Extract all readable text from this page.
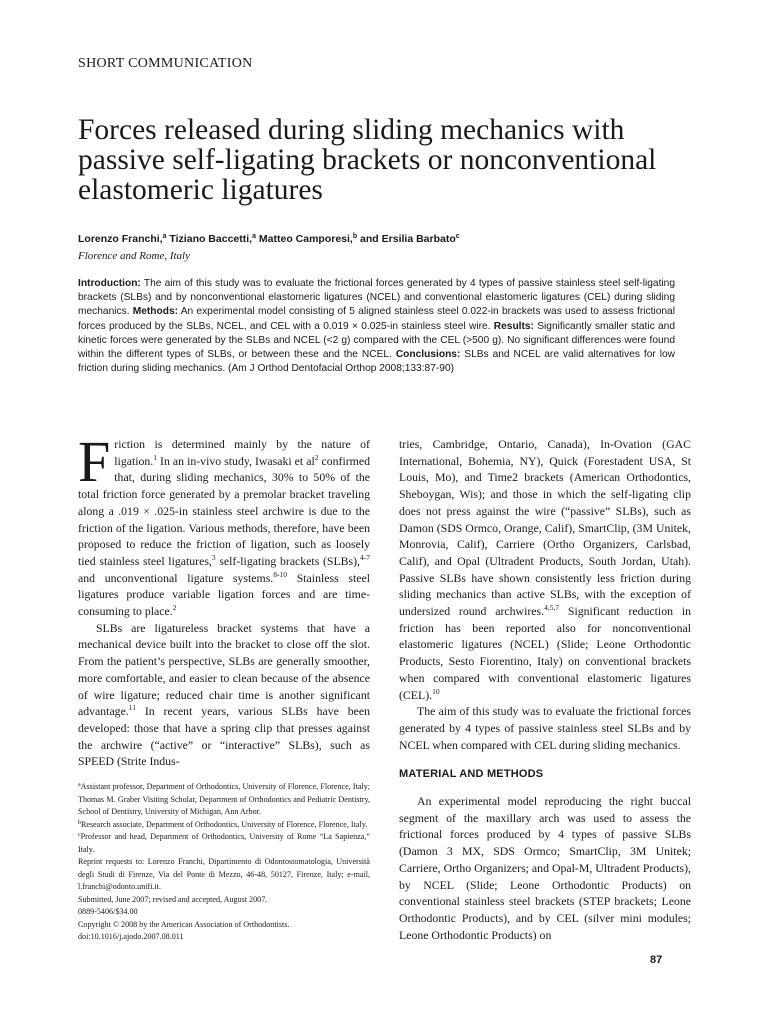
SHORT COMMUNICATION
Forces released during sliding mechanics with passive self-ligating brackets or nonconventional elastomeric ligatures

Lorenzo Franchi,$^a$ Tiziano Baccetti,$^a$ Matteo Camporesi,$^b$ and Ersilia Barbato$^c$

Florence and Rome, Italy

Introduction: The aim of this study was to evaluate the frictional forces generated by 4 types of passive stainless steel self-ligating brackets (SLBs) and by nonconventional elastomeric ligatures (NCEL) and conventional elastomeric ligatures (CEL) during sliding mechanics. Methods: An experimental model consisting of 5 aligned stainless steel 0.022-in brackets was used to assess frictional forces produced by the SLBs, NCEL, and CEL with a 0.019 × 0.025-in stainless steel wire. Results: Significantly smaller static and kinetic forces were generated by the SLBs and NCEL (<2 g) compared with the CEL (>500 g). No significant differences were found within the different types of SLBs, or between these and the NCEL. Conclusions: SLBs and NCEL are valid alternatives for low friction during sliding mechanics. (Am J Orthod Dentofacial Orthop 2008;133:87-90)

Friction is determined mainly by the nature of ligation.$^1$ In an in-vivo study, Iwasaki et $al^2$ confirmed that, during sliding mechanics, 30% to 50% of the total friction force generated by a premolar bracket traveling along a .019 × .025-in stainless steel archwire is due to the friction of the ligation. Various methods, therefore, have been proposed to reduce the friction of ligation, such as loosely tied stainless steel ligatures,$^3$ self-ligating brackets (SLBs),$^{4-7}$ and unconventional ligature systems.$^{8-10}$ Stainless steel ligatures produce variable ligation forces and are time-consuming to place.$^2$

SLBs are ligatureless bracket systems that have a mechanical device built into the bracket to close off the slot. From the patient’s perspective, SLBs are generally smoother, more comfortable, and easier to clean because of the absence of wire ligature; reduced chair time is another significant advantage.$^{11}$ In recent years, various SLBs have been developed: those that have a spring clip that presses against the archwire (“active” or “interactive” SLBs), such as SPEED (Strite Indus-

$^a$Assistant professor, Department of Orthodontics, University of Florence, Florence, Italy; Thomas M. Graber Visiting Scholar, Department of Orthodontics and Pediatric Dentistry, School of Dentistry, University of Michigan, Ann Arbor.

$^b$Research associate, Department of Orthodontics, University of Florence, Florence, Italy.

$^c$Professor and head, Department of Orthodontics, University of Rome “La Sapienza,” Italy.

Reprint requests to: Lorenzo Franchi, Dipartimento di Odontostomatologia, Università degli Studi di Firenze, Via del Ponte di Mezzo, 46-48, 50127, Firenze, Italy; e-mail, l.franchi@odonto.unifi.it.

Submitted, June 2007; revised and accepted, August 2007.

0889-5406/$34.00

Copyright © 2008 by the American Association of Orthodontists.

doi:10.1016/j.ajodo.2007.08.011

tries, Cambridge, Ontario, Canada), In-Ovation (GAC International, Bohemia, NY), Quick (Forestadent USA, St Louis, Mo), and Time2 brackets (American Orthodontics, Sheboygan, Wis); and those in which the self-ligating clip does not press against the wire (“passive” SLBs), such as Damon (SDS Ormco, Orange, Calif), SmartClip, (3M Unitek, Monrovia, Calif), Carriere (Ortho Organizers, Carlsbad, Calif), and Opal (Ultradent Products, South Jordan, Utah). Passive SLBs have shown consistently less friction during sliding mechanics than active SLBs, with the exception of undersized round archwires.$^{4,5,7}$ Significant reduction in friction has been reported also for nonconventional elastomeric ligatures (NCEL) (Slide; Leone Orthodontic Products, Sesto Fiorentino, Italy) on conventional brackets when compared with conventional elastomeric ligatures (CEL).$^{10}$

The aim of this study was to evaluate the frictional forces generated by 4 types of passive stainless steel SLBs and by NCEL when compared with CEL during sliding mechanics.

MATERIAL AND METHODS

An experimental model reproducing the right buccal segment of the maxillary arch was used to assess the frictional forces produced by 4 types of passive SLBs (Damon 3 MX, SDS Ormco; SmartClip, 3M Unitek; Carriere, Ortho Organizers; and Opal-M, Ultradent Products), by NCEL (Slide; Leone Orthodontic Products) on conventional stainless steel brackets (STEP brackets; Leone Orthodontic Products), and by CEL (silver mini modules; Leone Orthodontic Products) on

87
